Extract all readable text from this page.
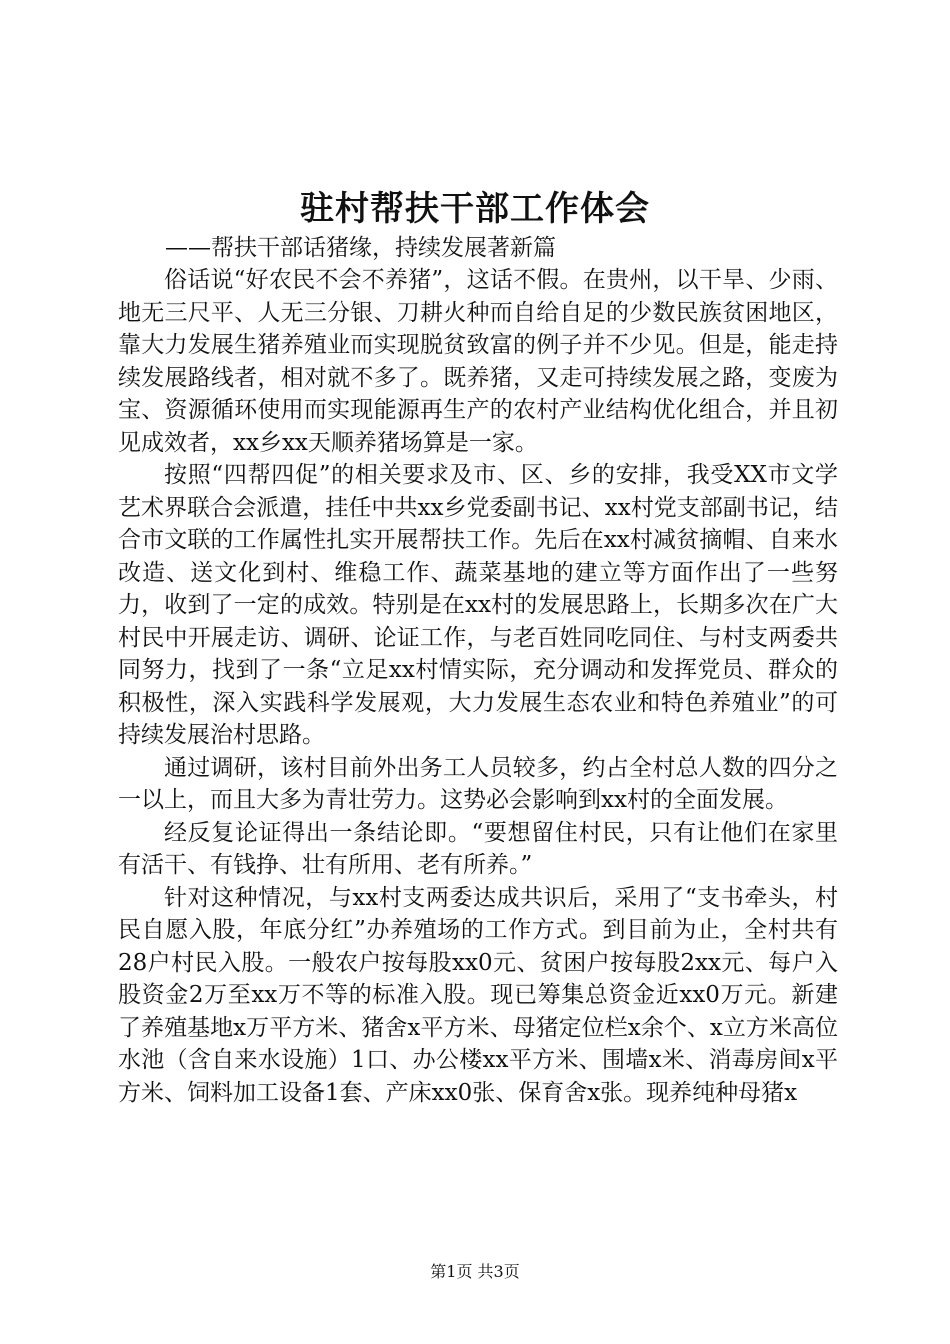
驻村帮扶干部工作体会
——帮扶干部话猪缘，持续发展著新篇

俗话说“好农民不会不养猪”，这话不假。在贵州，以干旱、少雨、地无三尺平、人无三分银、刀耕火种而自给自足的少数民族贫困地区，靠大力发展生猪养殖业而实现脱贫致富的例子并不少见。但是，能走持续发展路线者，相对就不多了。既养猪，又走可持续发展之路，变废为宝、资源循环使用而实现能源再生产的农村产业结构优化组合，并且初见成效者，xx乡xx天顺养猪场算是一家。

按照“四帮四促”的相关要求及市、区、乡的安排，我受XX市文学艺术界联合会派遣，挂任中共xx乡党委副书记、xx村党支部副书记，结合市文联的工作属性扎实开展帮扶工作。先后在xx村减贫摘帽、自来水改造、送文化到村、维稳工作、蔬菜基地的建立等方面作出了一些努力，收到了一定的成效。特别是在xx村的发展思路上，长期多次在广大村民中开展走访、调研、论证工作，与老百姓同吃同住、与村支两委共同努力，找到了一条“立足xx村情实际，充分调动和发挥党员、群众的积极性，深入实践科学发展观，大力发展生态农业和特色养殖业”的可持续发展治村思路。

通过调研，该村目前外出务工人员较多，约占全村总人数的四分之一以上，而且大多为青壮劳力。这势必会影响到xx村的全面发展。

经反复论证得出一条结论即。“要想留住村民，只有让他们在家里有活干、有钱挣、壮有所用、老有所养。”

针对这种情况，与xx村支两委达成共识后，采用了“支书牵头，村民自愿入股，年底分红”办养殖场的工作方式。到目前为止，全村共有28户村民入股。一般农户按每股xx0元、贫困户按每股2xx元、每户入股资金2万至xx万不等的标准入股。现已筹集总资金近xx0万元。新建了养殖基地x万平方米、猪舍x平方米、母猪定位栏x余个、x立方米高位水池（含自来水设施）1口、办公楼xx平方米、围墙x米、消毒房间x平方米、饲料加工设备1套、产床xx0张、保育舍x张。现养纯种母猪x

第1页 共3页
